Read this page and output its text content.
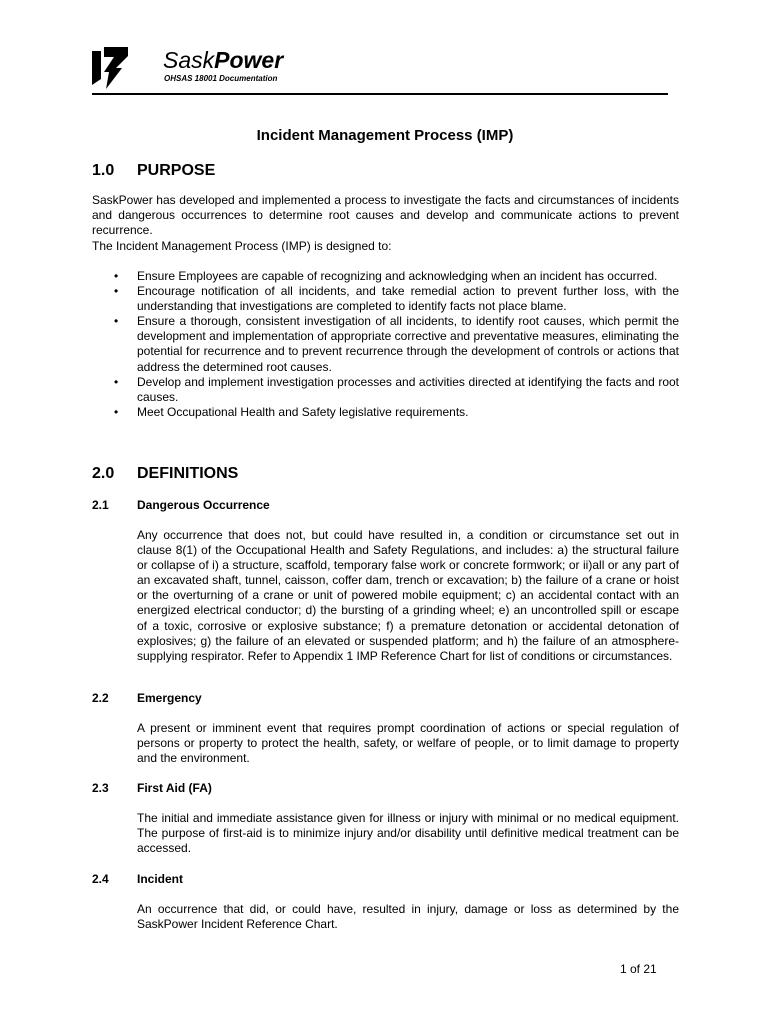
SaskPower
OHSAS 18001 Documentation
Incident Management Process (IMP)
1.0 PURPOSE
SaskPower has developed and implemented a process to investigate the facts and circumstances of incidents and dangerous occurrences to determine root causes and develop and communicate actions to prevent recurrence.
The Incident Management Process (IMP) is designed to:
• Ensure Employees are capable of recognizing and acknowledging when an incident has occurred.
• Encourage notification of all incidents, and take remedial action to prevent further loss, with the understanding that investigations are completed to identify facts not place blame.
• Ensure a thorough, consistent investigation of all incidents, to identify root causes, which permit the development and implementation of appropriate corrective and preventative measures, eliminating the potential for recurrence and to prevent recurrence through the development of controls or actions that address the determined root causes.
• Develop and implement investigation processes and activities directed at identifying the facts and root causes.
• Meet Occupational Health and Safety legislative requirements.
2.0 DEFINITIONS
2.1 Dangerous Occurrence
Any occurrence that does not, but could have resulted in, a condition or circumstance set out in clause 8(1) of the Occupational Health and Safety Regulations, and includes: a) the structural failure or collapse of i) a structure, scaffold, temporary false work or concrete formwork; or ii)all or any part of an excavated shaft, tunnel, caisson, coffer dam, trench or excavation; b) the failure of a crane or hoist or the overturning of a crane or unit of powered mobile equipment; c) an accidental contact with an energized electrical conductor; d) the bursting of a grinding wheel; e) an uncontrolled spill or escape of a toxic, corrosive or explosive substance; f) a premature detonation or accidental detonation of explosives; g) the failure of an elevated or suspended platform; and h) the failure of an atmosphere-supplying respirator. Refer to Appendix 1 IMP Reference Chart for list of conditions or circumstances.
2.2 Emergency
A present or imminent event that requires prompt coordination of actions or special regulation of persons or property to protect the health, safety, or welfare of people, or to limit damage to property and the environment.
2.3 First Aid (FA)
The initial and immediate assistance given for illness or injury with minimal or no medical equipment. The purpose of first-aid is to minimize injury and/or disability until definitive medical treatment can be accessed.
2.4 Incident
An occurrence that did, or could have, resulted in injury, damage or loss as determined by the SaskPower Incident Reference Chart.
1 of 21
